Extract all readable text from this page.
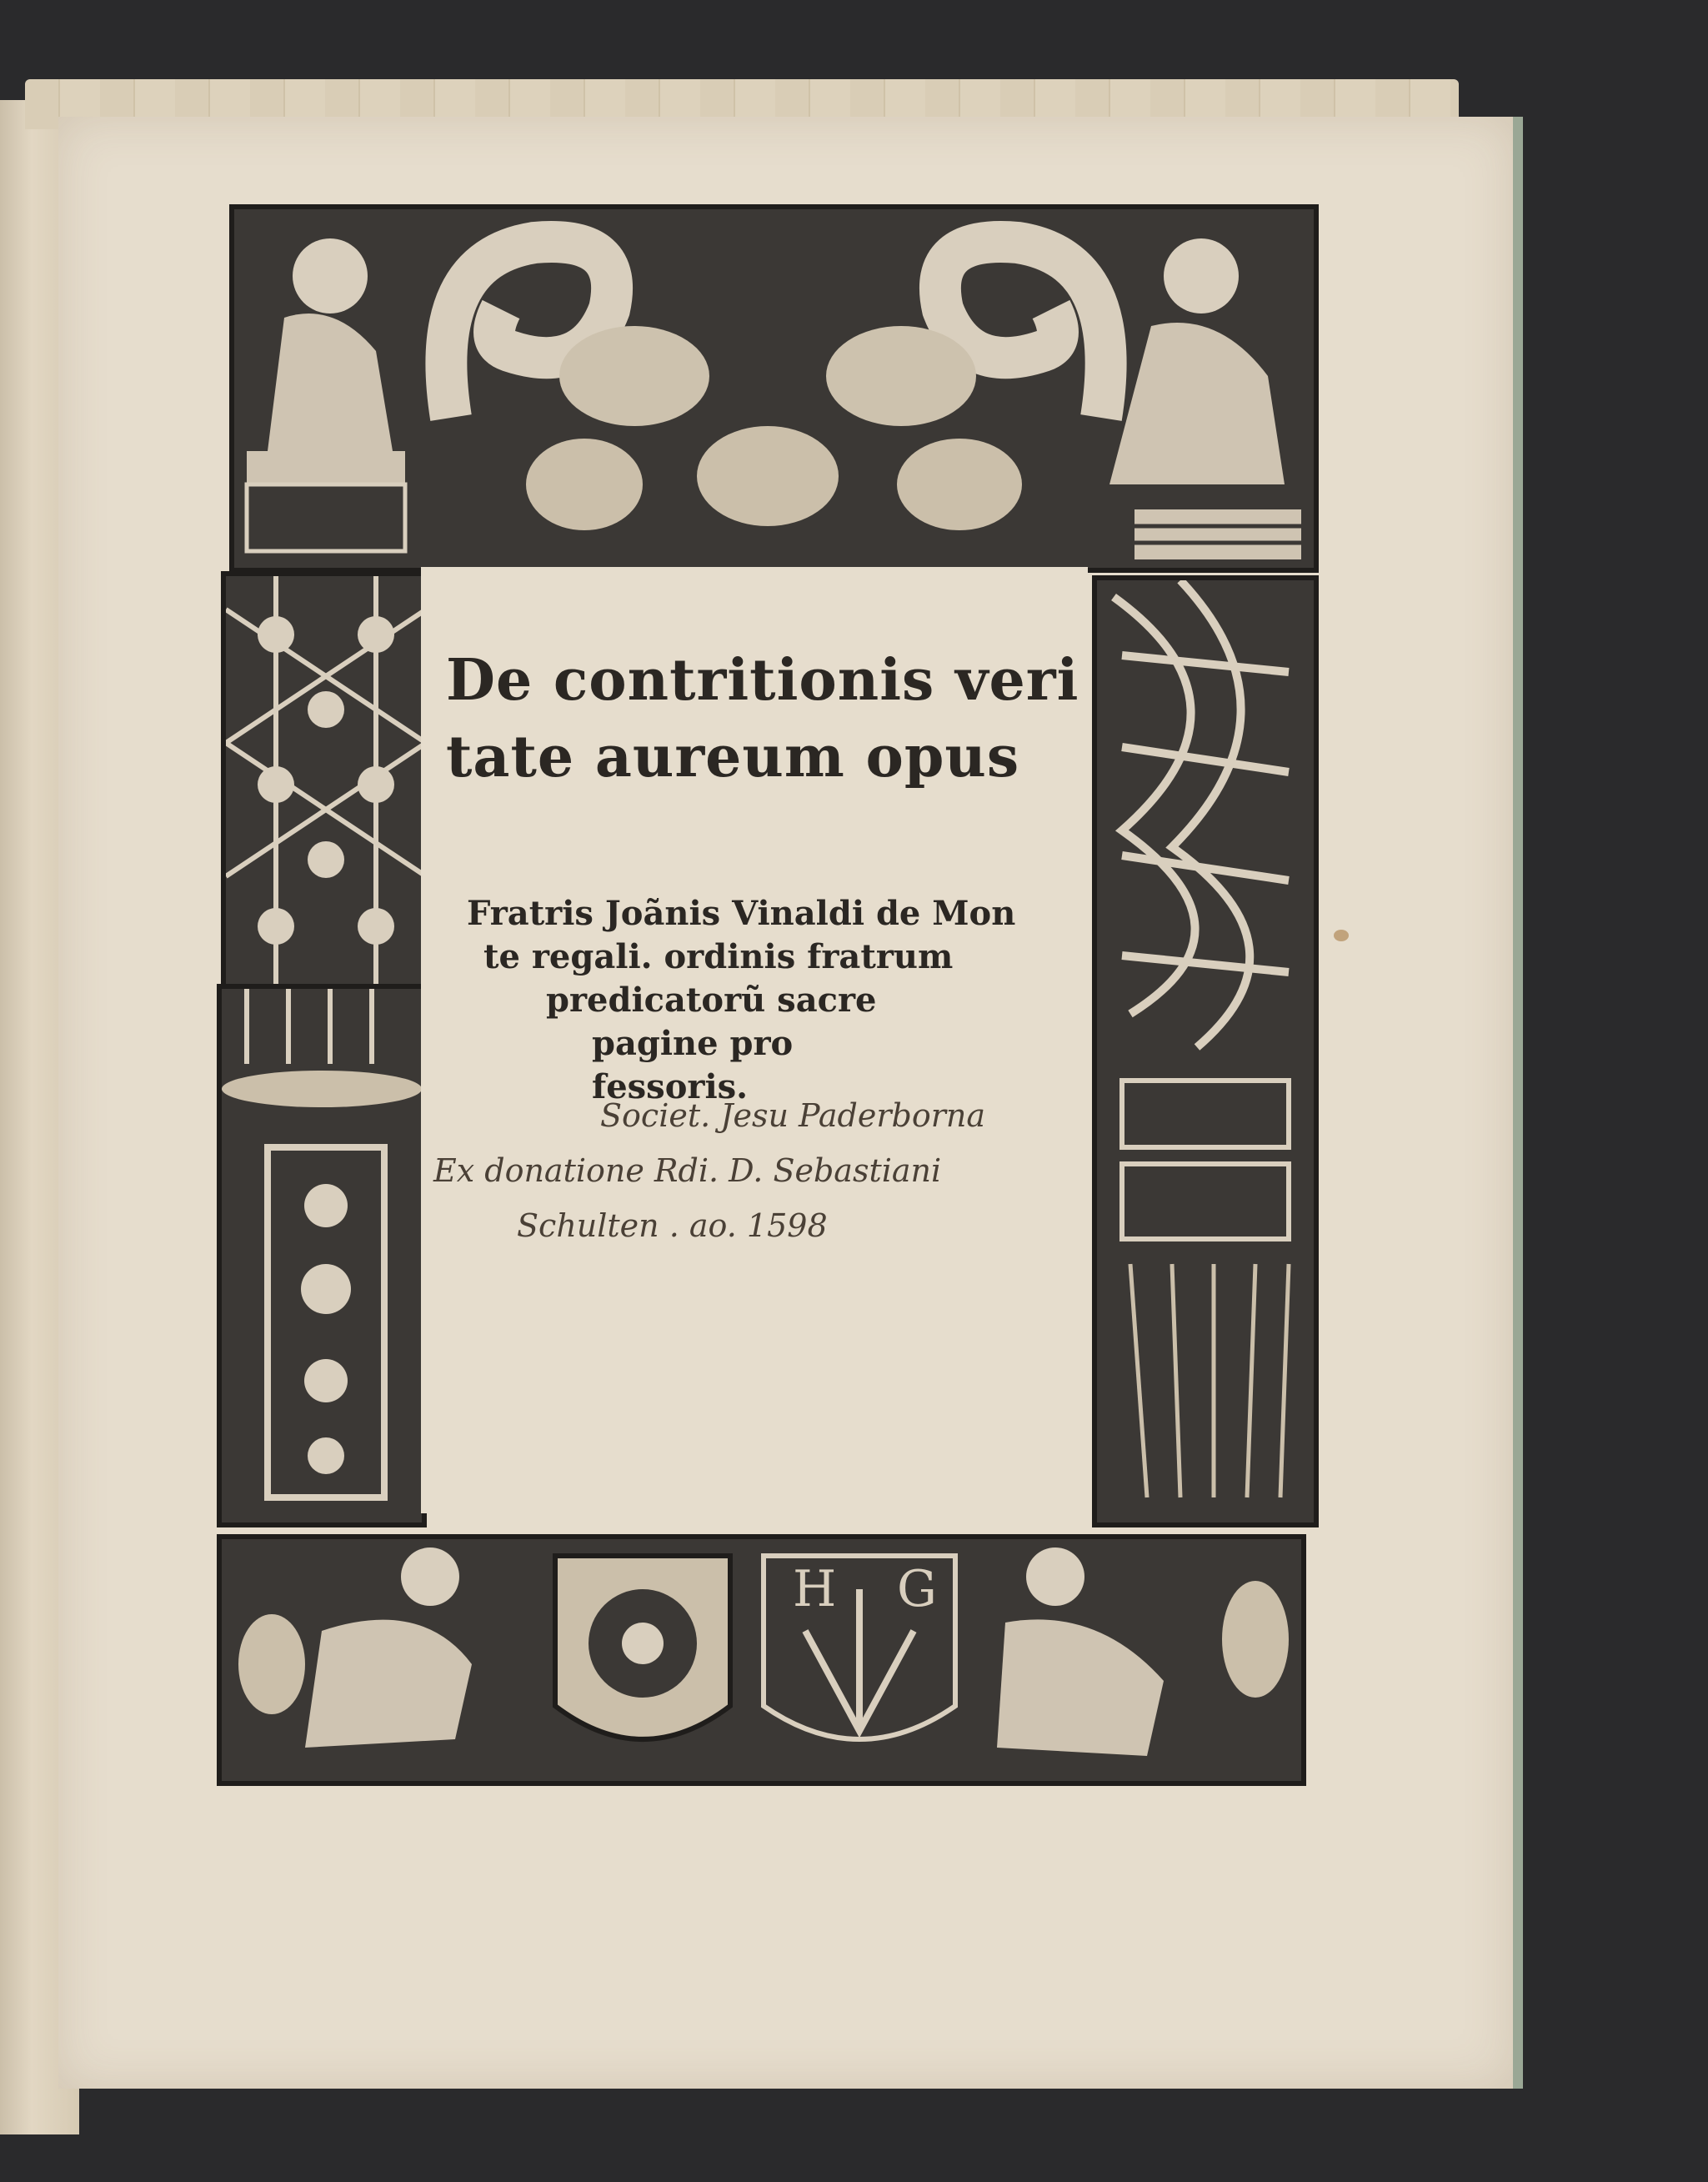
H G
De contritionis veri
tate aureum opus
Fratris Joãnis Vinaldi de Mon
te regali. ordinis fratrum
predicatorũ sacre
pagine pro
fessoris.
Societ. Jesu Paderborna
Ex donatione Rdi. D. Sebastiani
Schulten . ao. 1598
